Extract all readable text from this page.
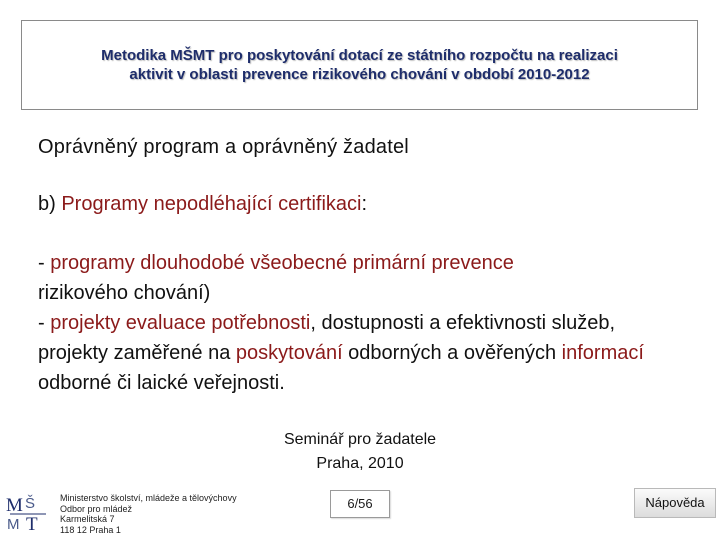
Metodika MŠMT pro poskytování dotací ze státního rozpočtu na realizaci
aktivit v oblasti prevence rizikového chování v období 2010-2012
Oprávněný program a oprávněný žadatel
b) Programy nepodléhající certifikaci:

- programy dlouhodobé všeobecné primární prevence
rizikového chování)

- projekty evaluace potřebnosti, dostupnosti a efektivnosti služeb, projekty zaměřené na poskytování odborných a ověřených informací odborné či laické veřejnosti.

Seminář pro žadatele
Praha, 2010
M Š
M T
Ministerstvo školství, mládeže a tělovýchovy
Odbor pro mládež
Karmelitská 7
118 12 Praha 1
6/56	Nápověda
